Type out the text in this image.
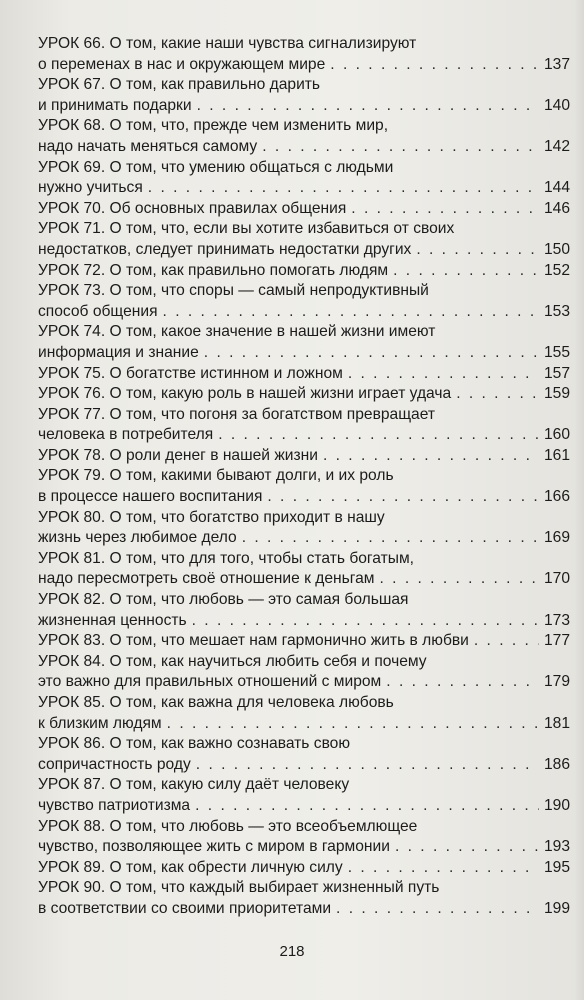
УРОК 66. О том, какие наши чувства сигнализируют
о переменах в нас и окружающем мире . . .	137
УРОК 67. О том, как правильно дарить
и принимать подарки . . .	140
УРОК 68. О том, что, прежде чем изменить мир,
надо начать меняться самому . . .	142
УРОК 69. О том, что умению общаться с людьми
нужно учиться . . .	144
УРОК 70. Об основных правилах общения . . .	146
УРОК 71. О том, что, если вы хотите избавиться от своих
недостатков, следует принимать недостатки других . . .	150
УРОК 72. О том, как правильно помогать людям . . .	152
УРОК 73. О том, что споры — самый непродуктивный
способ общения . . .	153
УРОК 74. О том, какое значение в нашей жизни имеют
информация и знание . . .	155
УРОК 75. О богатстве истинном и ложном . . .	157
УРОК 76. О том, какую роль в нашей жизни играет удача . . .	159
УРОК 77. О том, что погоня за богатством превращает
человека в потребителя . . .	160
УРОК 78. О роли денег в нашей жизни . . .	161
УРОК 79. О том, какими бывают долги, и их роль
в процессе нашего воспитания . . .	166
УРОК 80. О том, что богатство приходит в нашу
жизнь через любимое дело . . .	169
УРОК 81. О том, что для того, чтобы стать богатым,
надо пересмотреть своё отношение к деньгам . . .	170
УРОК 82. О том, что любовь — это самая большая
жизненная ценность . . .	173
УРОК 83. О том, что мешает нам гармонично жить в любви . . .	177
УРОК 84. О том, как научиться любить себя и почему
это важно для правильных отношений с миром . . .	179
УРОК 85. О том, как важна для человека любовь
к близким людям . . .	181
УРОК 86. О том, как важно сознавать свою
сопричастность роду . . .	186
УРОК 87. О том, какую силу даёт человеку
чувство патриотизма . . .	190
УРОК 88. О том, что любовь — это всеобъемлющее
чувство, позволяющее жить с миром в гармонии . . .	193
УРОК 89. О том, как обрести личную силу . . .	195
УРОК 90. О том, что каждый выбирает жизненный путь
в соответствии со своими приоритетами . . .	199
218
